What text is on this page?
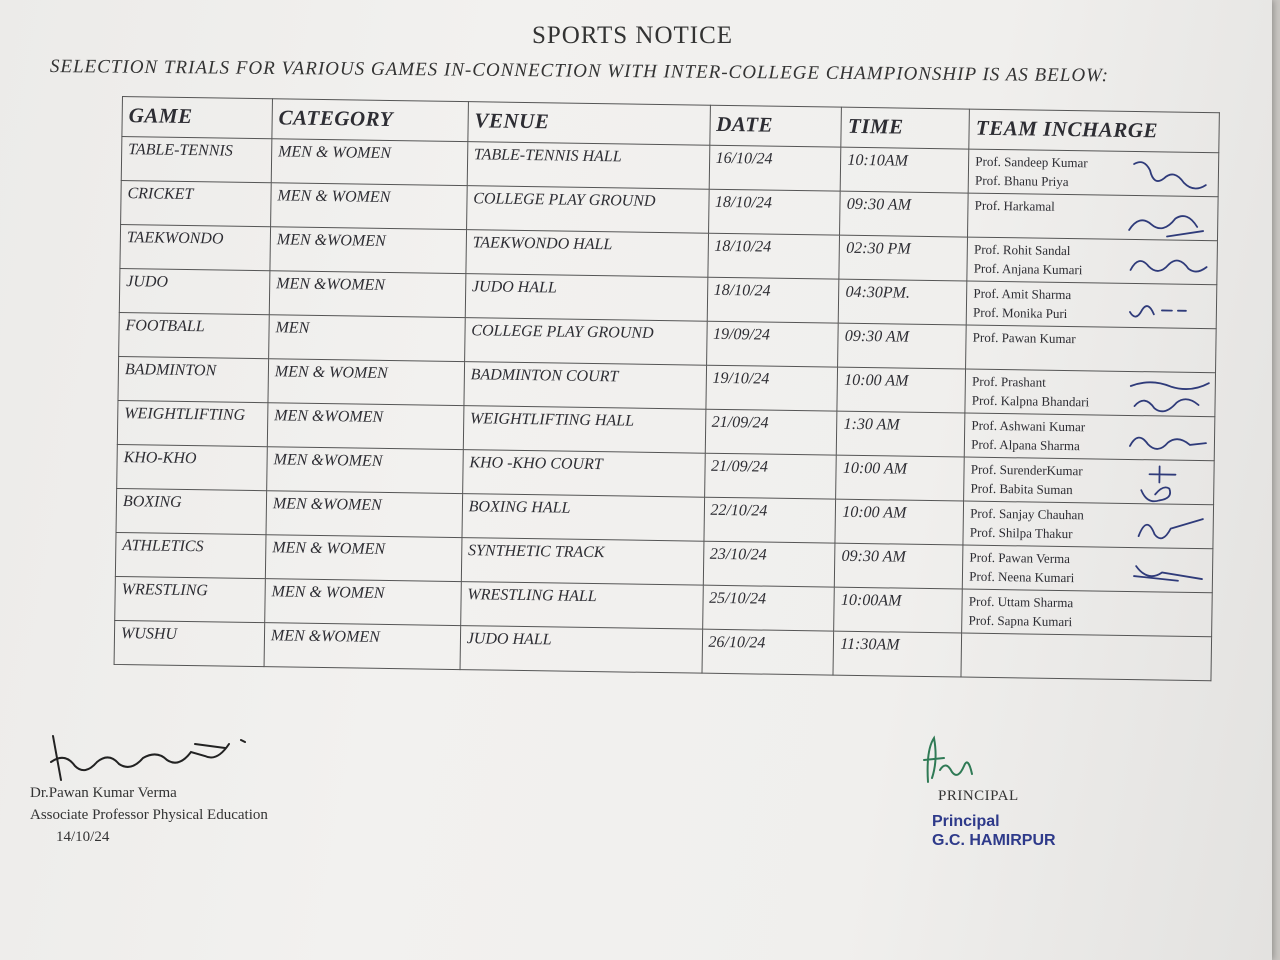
SPORTS NOTICE
SELECTION TRIALS FOR VARIOUS GAMES IN-CONNECTION WITH INTER-COLLEGE CHAMPIONSHIP IS AS BELOW:
GAME	CATEGORY	VENUE	DATE	TIME	TEAM INCHARGE
TABLE-TENNIS	MEN & WOMEN	TABLE-TENNIS HALL	16/10/24	10:10AM	Prof. Sandeep Kumar
Prof. Bhanu Priya

CRICKET	MEN & WOMEN	COLLEGE PLAY GROUND	18/10/24	09:30 AM	Prof. Harkamal

TAEKWONDO	MEN &WOMEN	TAEKWONDO HALL	18/10/24	02:30 PM	Prof. Rohit Sandal
Prof. Anjana Kumari

JUDO	MEN &WOMEN	JUDO HALL	18/10/24	04:30PM.	Prof. Amit Sharma
Prof. Monika Puri

FOOTBALL	MEN	COLLEGE PLAY GROUND	19/09/24	09:30 AM	Prof. Pawan Kumar

BADMINTON	MEN & WOMEN	BADMINTON COURT	19/10/24	10:00 AM	Prof. Prashant
Prof. Kalpna Bhandari

WEIGHTLIFTING	MEN &WOMEN	WEIGHTLIFTING HALL	21/09/24	1:30 AM	Prof. Ashwani Kumar
Prof. Alpana Sharma

KHO-KHO	MEN &WOMEN	KHO -KHO COURT	21/09/24	10:00 AM	Prof. SurenderKumar
Prof. Babita Suman

BOXING	MEN &WOMEN	BOXING HALL	22/10/24	10:00 AM	Prof. Sanjay Chauhan
Prof. Shilpa Thakur

ATHLETICS	MEN & WOMEN	SYNTHETIC TRACK	23/10/24	09:30 AM	Prof. Pawan Verma
Prof. Neena Kumari

WRESTLING	MEN & WOMEN	WRESTLING HALL	25/10/24	10:00AM	Prof. Uttam Sharma
Prof. Sapna Kumari

WUSHU	MEN &WOMEN	JUDO HALL	26/10/24	11:30AM	
Dr.Pawan Kumar Verma
Associate Professor Physical Education
14/10/24
PRINCIPAL
Principal
G.C. HAMIRPUR
